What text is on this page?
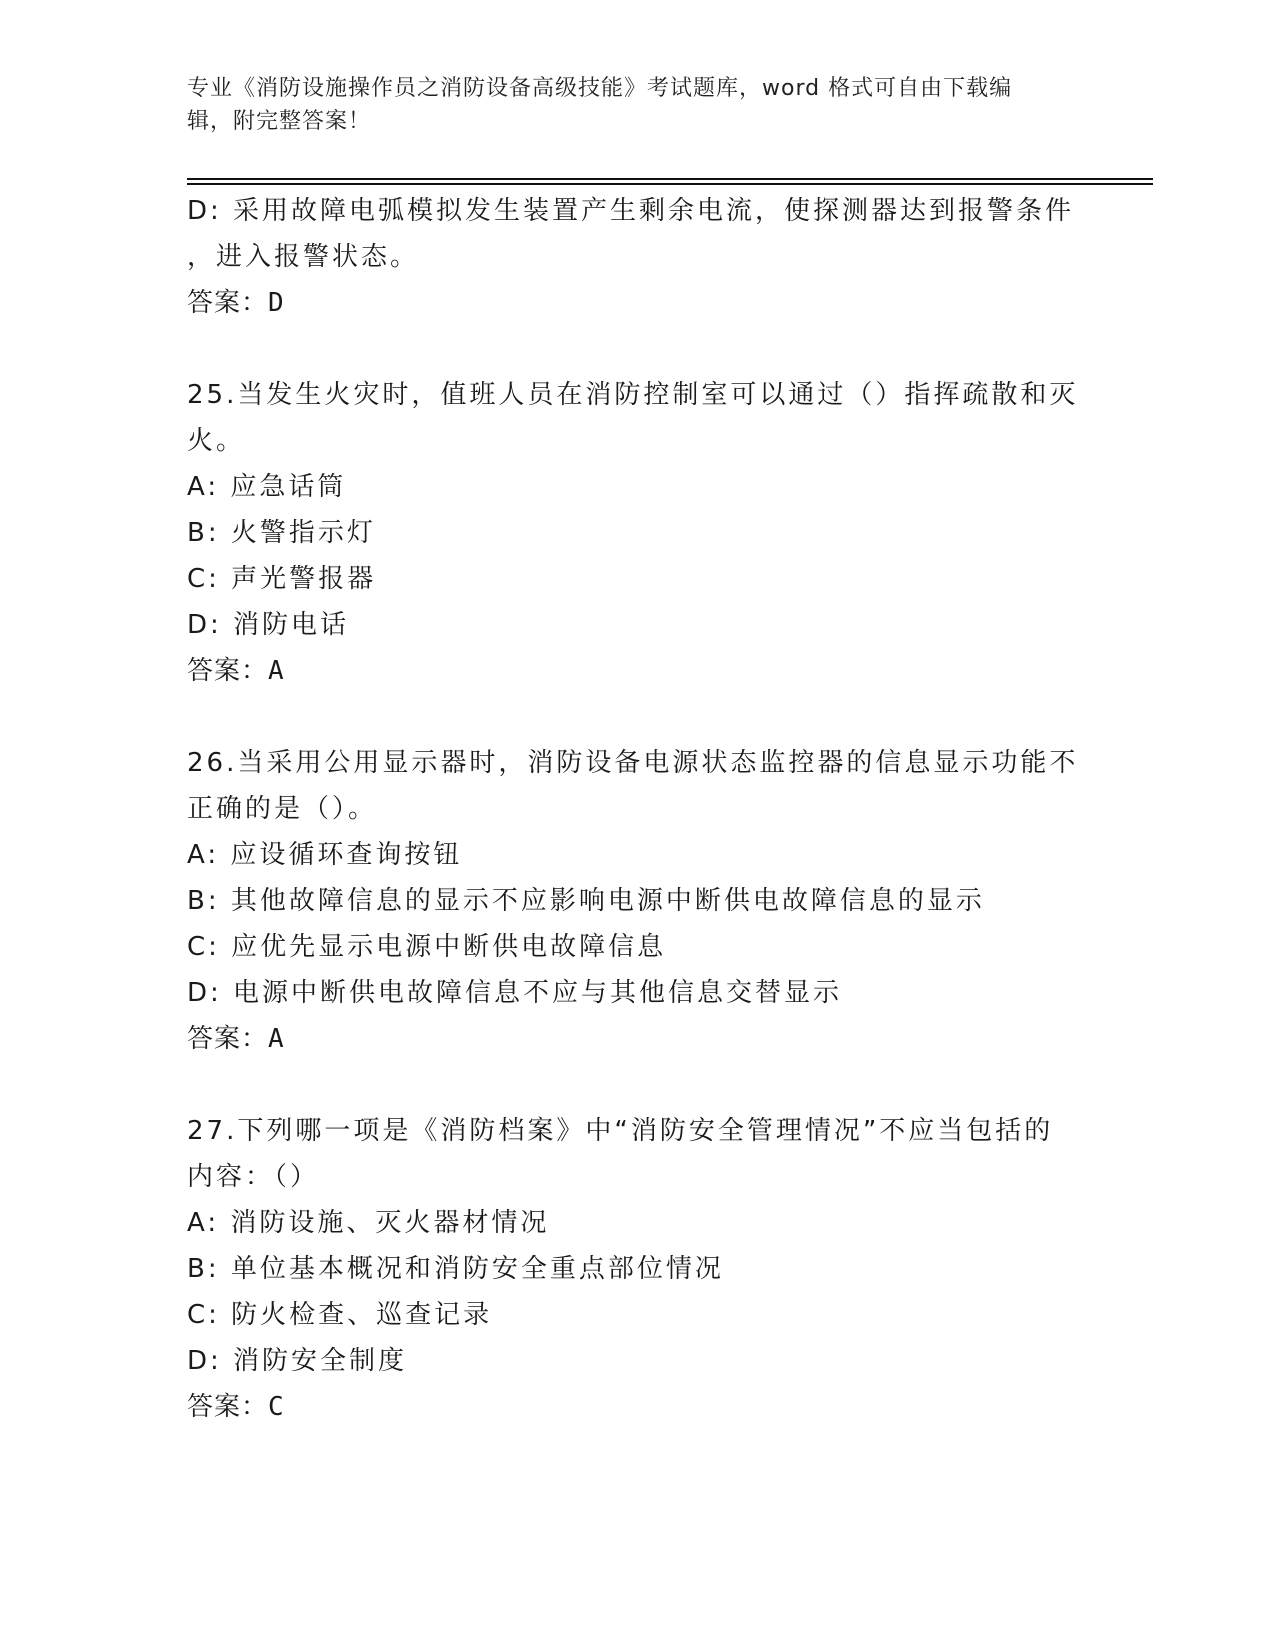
专业《消防设施操作员之消防设备高级技能》考试题库，word 格式可自由下载编
辑，附完整答案！
D: 采用故障电弧模拟发生装置产生剩余电流，使探测器达到报警条件
，进入报警状态。
答案：D
25.当发生火灾时，值班人员在消防控制室可以通过（）指挥疏散和灭
火。
A: 应急话筒
B: 火警指示灯
C: 声光警报器
D: 消防电话
答案：A
26.当采用公用显示器时，消防设备电源状态监控器的信息显示功能不
正确的是（）。
A: 应设循环查询按钮
B: 其他故障信息的显示不应影响电源中断供电故障信息的显示
C: 应优先显示电源中断供电故障信息
D: 电源中断供电故障信息不应与其他信息交替显示
答案：A
27.下列哪一项是《消防档案》中“消防安全管理情况”不应当包括的
内容：（）
A: 消防设施、灭火器材情况
B: 单位基本概况和消防安全重点部位情况
C: 防火检查、巡查记录
D: 消防安全制度
答案：C
